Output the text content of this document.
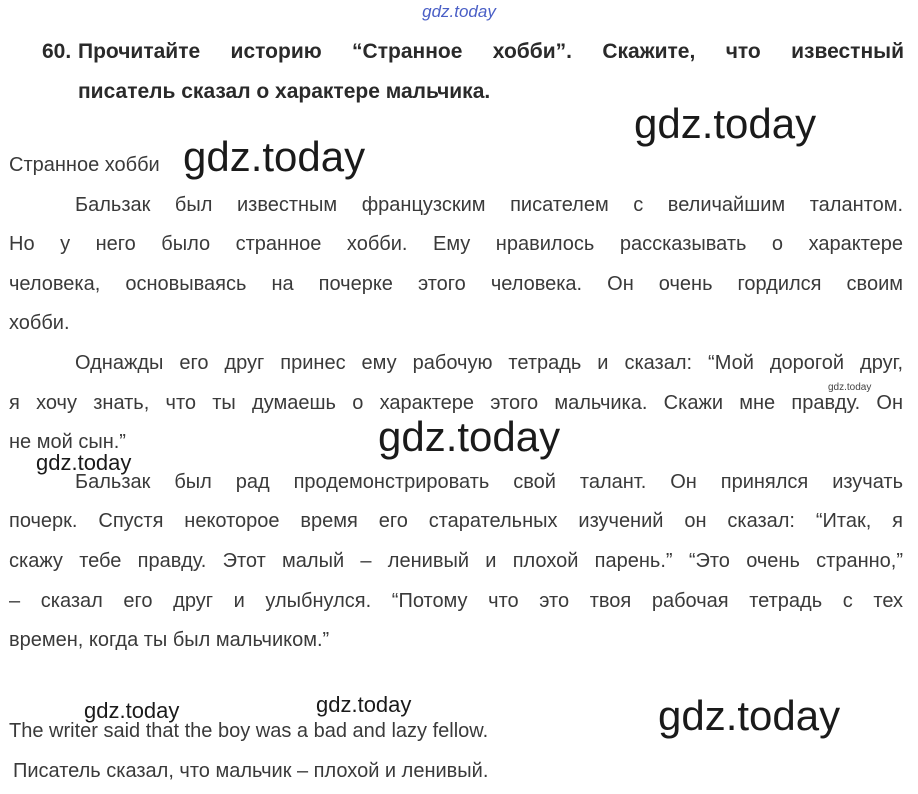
gdz.today
60. Прочитайте историю “Странное хобби”. Скажите, что известный
писатель сказал о характере мальчика.

Странное хобби

Бальзак был известным французским писателем с величайшим талантом.

Но у него было странное хобби. Ему нравилось рассказывать о характере

человека, основываясь на почерке этого человека. Он очень гордился своим

хобби.

Однажды его друг принес ему рабочую тетрадь и сказал: “Мой дорогой друг,

я хочу знать, что ты думаешь о характере этого мальчика. Скажи мне правду. Он

не мой сын.”

Бальзак был рад продемонстрировать свой талант. Он принялся изучать

почерк. Спустя некоторое время его старательных изучений он сказал: “Итак, я

скажу тебе правду. Этот малый – ленивый и плохой парень.” “Это очень странно,”

– сказал его друг и улыбнулся. “Потому что это твоя рабочая тетрадь с тех

времен, когда ты был мальчиком.”

The writer said that the boy was a bad and lazy fellow.
Писатель сказал, что мальчик – плохой и ленивый.
gdz.today
gdz.today
gdz.today
gdz.today
gdz.today
gdz.today
gdz.today	gdz.today
